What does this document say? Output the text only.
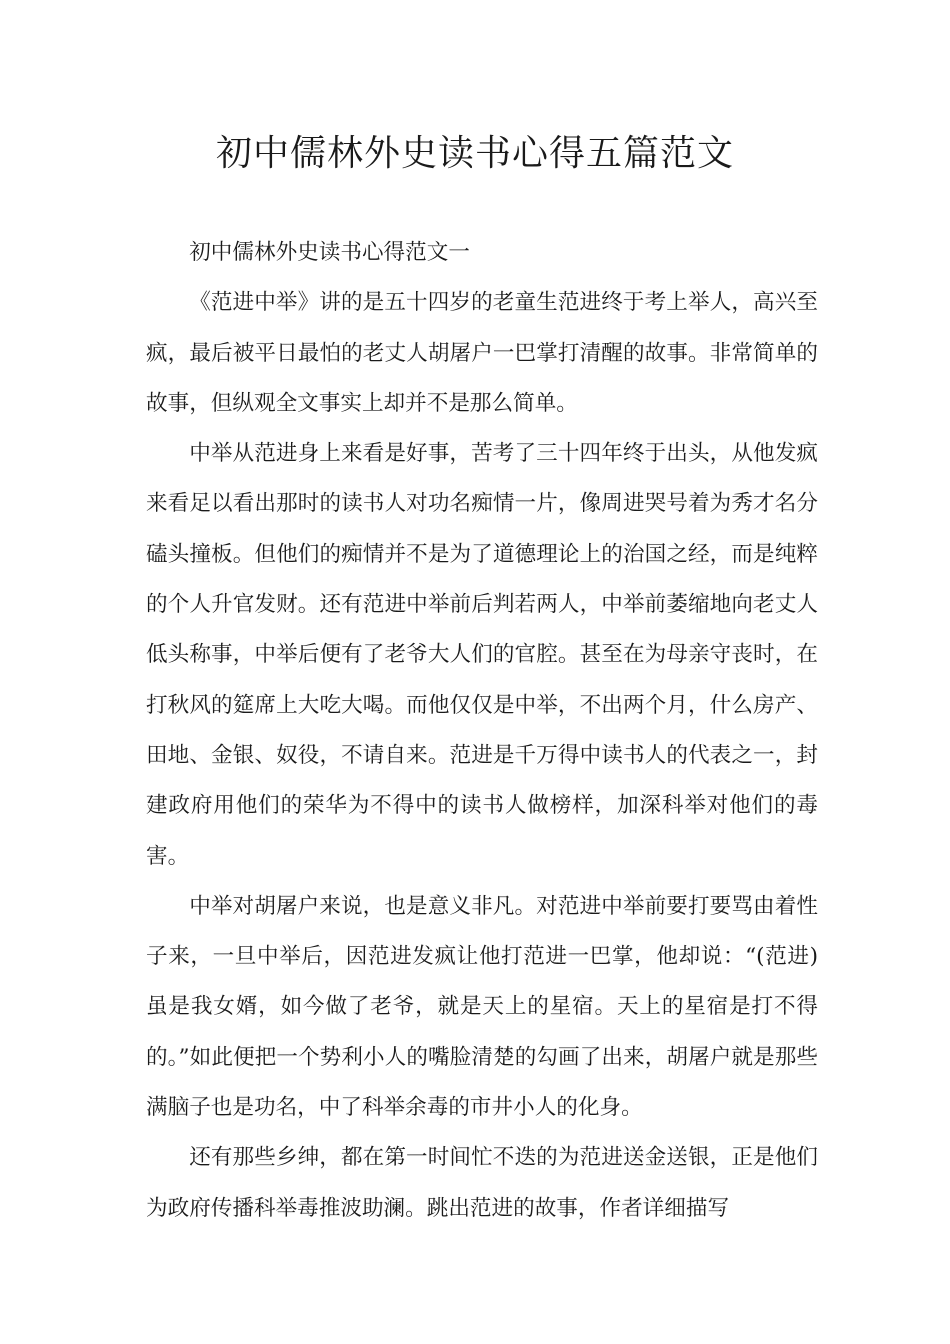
初中儒林外史读书心得五篇范文

初中儒林外史读书心得范文一

《范进中举》讲的是五十四岁的老童生范进终于考上举人，高兴至疯，最后被平日最怕的老丈人胡屠户一巴掌打清醒的故事。非常简单的故事，但纵观全文事实上却并不是那么简单。

中举从范进身上来看是好事，苦考了三十四年终于出头，从他发疯来看足以看出那时的读书人对功名痴情一片，像周进哭号着为秀才名分磕头撞板。但他们的痴情并不是为了道德理论上的治国之经，而是纯粹的个人升官发财。还有范进中举前后判若两人，中举前萎缩地向老丈人低头称事，中举后便有了老爷大人们的官腔。甚至在为母亲守丧时，在打秋风的筵席上大吃大喝。而他仅仅是中举，不出两个月，什么房产、田地、金银、奴役，不请自来。范进是千万得中读书人的代表之一，封建政府用他们的荣华为不得中的读书人做榜样，加深科举对他们的毒害。

中举对胡屠户来说，也是意义非凡。对范进中举前要打要骂由着性子来，一旦中举后，因范进发疯让他打范进一巴掌，他却说：“(范进)虽是我女婿，如今做了老爷，就是天上的星宿。天上的星宿是打不得的。”如此便把一个势利小人的嘴脸清楚的勾画了出来，胡屠户就是那些满脑子也是功名，中了科举余毒的市井小人的化身。

还有那些乡绅，都在第一时间忙不迭的为范进送金送银，正是他们为政府传播科举毒推波助澜。跳出范进的故事，作者详细描写
